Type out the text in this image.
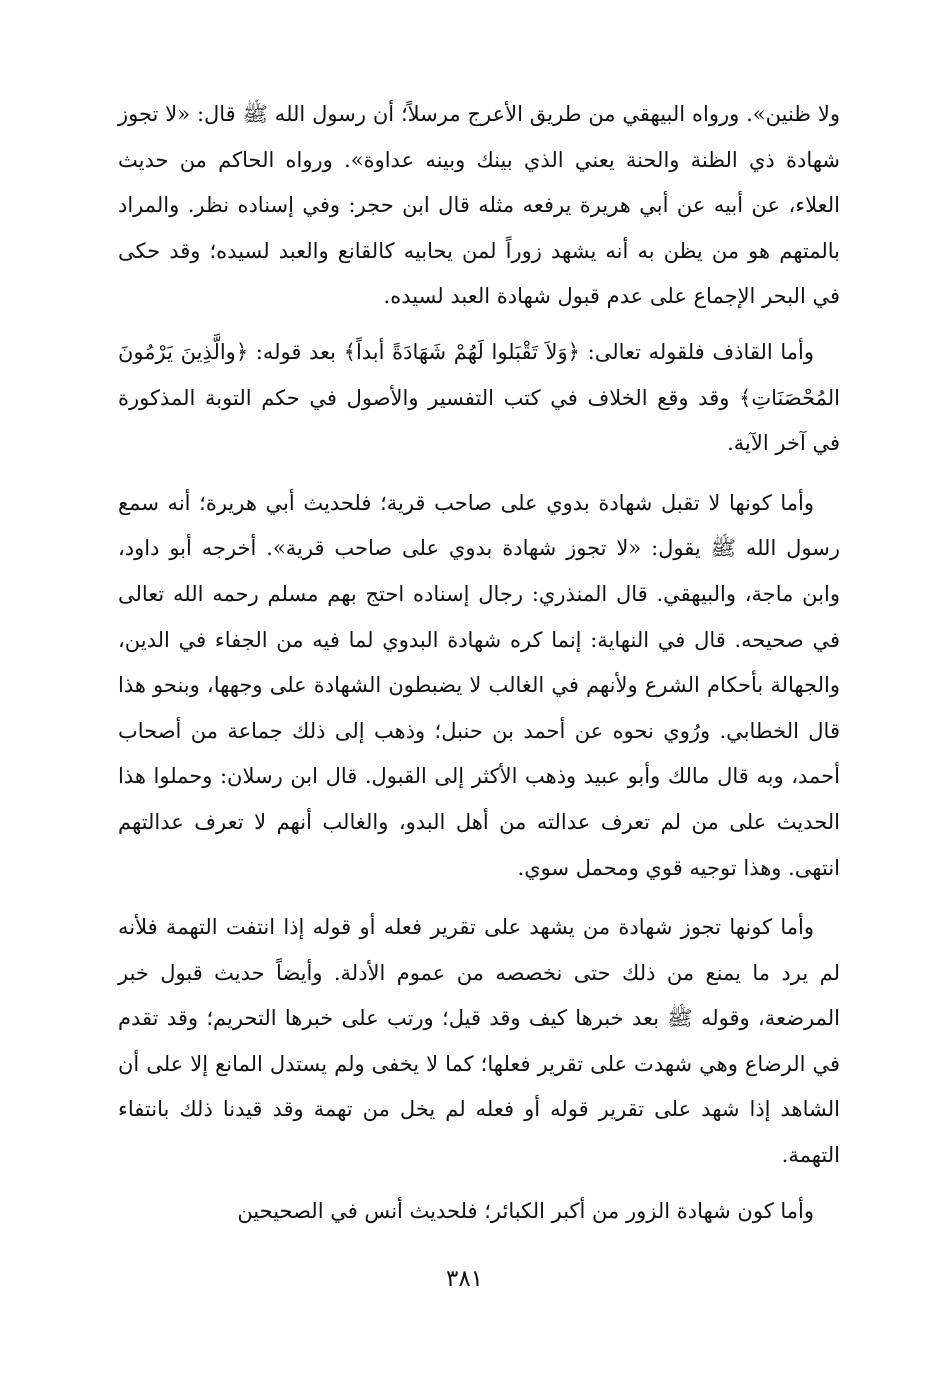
ولا ظنين». ورواه البيهقي من طريق الأعرج مرسلاً؛ أن رسول الله ﷺ قال: «لا تجوز شهادة ذي الظنة والحنة يعني الذي بينك وبينه عداوة». ورواه الحاكم من حديث العلاء، عن أبيه عن أبي هريرة يرفعه مثله قال ابن حجر: وفي إسناده نظر. والمراد بالمتهم هو من يظن به أنه يشهد زوراً لمن يحابيه كالقانع والعبد لسيده؛ وقد حكى في البحر الإجماع على عدم قبول شهادة العبد لسيده.

وأما القاذف فلقوله تعالى: ﴿وَلاَ تَقْبَلوا لَهُمْ شَهَادَةً أبداً﴾ بعد قوله: ﴿والَّذِينَ يَرْمُونَ المُحْصَنَاتِ﴾ وقد وقع الخلاف في كتب التفسير والأصول في حكم التوبة المذكورة في آخر الآية.

وأما كونها لا تقبل شهادة بدوي على صاحب قرية؛ فلحديث أبي هريرة؛ أنه سمع رسول الله ﷺ يقول: «لا تجوز شهادة بدوي على صاحب قرية». أخرجه أبو داود، وابن ماجة، والبيهقي. قال المنذري: رجال إسناده احتج بهم مسلم رحمه الله تعالى في صحيحه. قال في النهاية: إنما كره شهادة البدوي لما فيه من الجفاء في الدين، والجهالة بأحكام الشرع ولأنهم في الغالب لا يضبطون الشهادة على وجهها، وبنحو هذا قال الخطابي. ورُوي نحوه عن أحمد بن حنبل؛ وذهب إلى ذلك جماعة من أصحاب أحمد، وبه قال مالك وأبو عبيد وذهب الأكثر إلى القبول. قال ابن رسلان: وحملوا هذا الحديث على من لم تعرف عدالته من أهل البدو، والغالب أنهم لا تعرف عدالتهم انتهى. وهذا توجيه قوي ومحمل سوي.

وأما كونها تجوز شهادة من يشهد على تقرير فعله أو قوله إذا انتفت التهمة فلأنه لم يرد ما يمنع من ذلك حتى نخصصه من عموم الأدلة. وأيضاً حديث قبول خبر المرضعة، وقوله ﷺ بعد خبرها كيف وقد قيل؛ ورتب على خبرها التحريم؛ وقد تقدم في الرضاع وهي شهدت على تقرير فعلها؛ كما لا يخفى ولم يستدل المانع إلا على أن الشاهد إذا شهد على تقرير قوله أو فعله لم يخل من تهمة وقد قيدنا ذلك بانتفاء التهمة.

وأما كون شهادة الزور من أكبر الكبائر؛ فلحديث أنس في الصحيحين

٣٨١
